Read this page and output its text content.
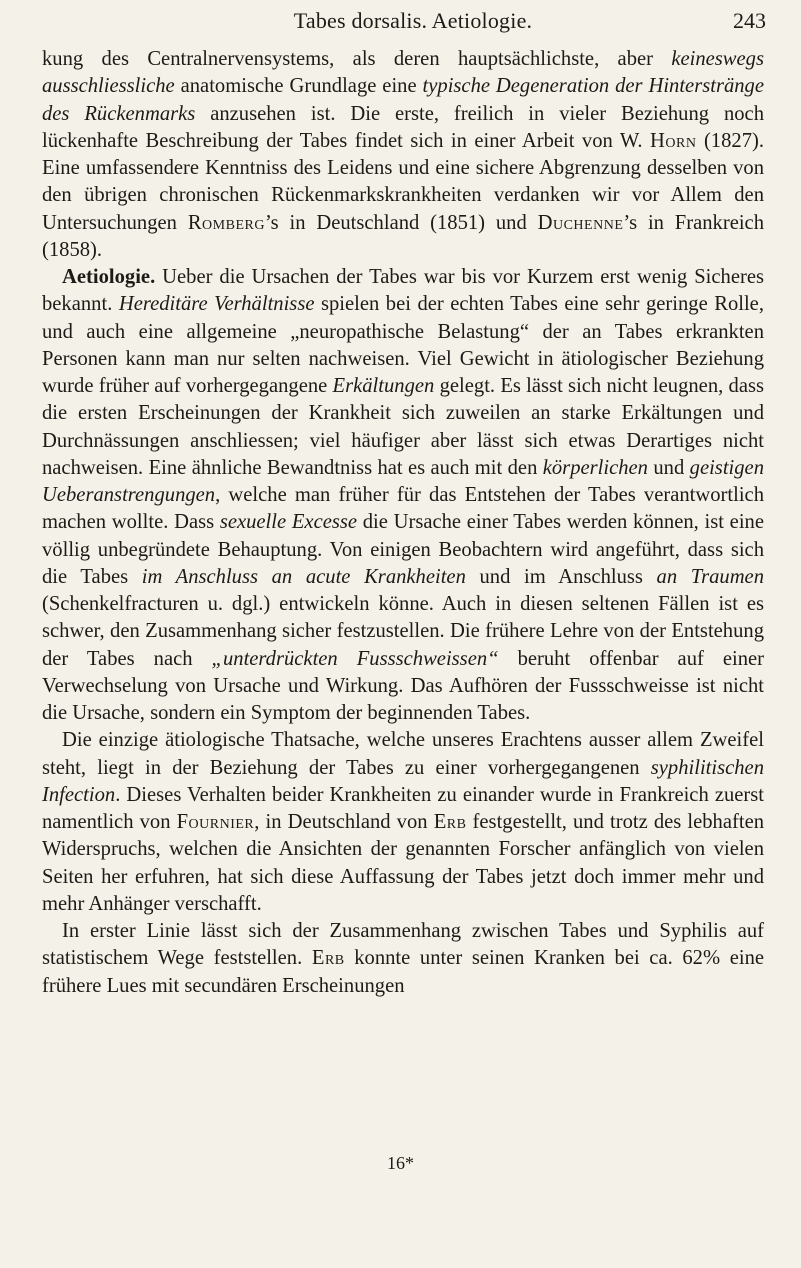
Tabes dorsalis. Aetiologie.	243

kung des Centralnervensystems, als deren hauptsächlichste, aber keineswegs ausschliessliche anatomische Grundlage eine typische Degeneration der Hinterstränge des Rückenmarks anzusehen ist. Die erste, freilich in vieler Beziehung noch lückenhafte Beschreibung der Tabes findet sich in einer Arbeit von W. Horn (1827). Eine umfassendere Kenntniss des Leidens und eine sichere Abgrenzung desselben von den übrigen chronischen Rückenmarkskrankheiten verdanken wir vor Allem den Untersuchungen Romberg’s in Deutschland (1851) und Duchenne’s in Frankreich (1858).

Aetiologie. Ueber die Ursachen der Tabes war bis vor Kurzem erst wenig Sicheres bekannt. Hereditäre Verhältnisse spielen bei der echten Tabes eine sehr geringe Rolle, und auch eine allgemeine „neuropathische Belastung“ der an Tabes erkrankten Personen kann man nur selten nachweisen. Viel Gewicht in ätiologischer Beziehung wurde früher auf vorhergegangene Erkältungen gelegt. Es lässt sich nicht leugnen, dass die ersten Erscheinungen der Krankheit sich zuweilen an starke Erkältungen und Durchnässungen anschliessen; viel häufiger aber lässt sich etwas Derartiges nicht nachweisen. Eine ähnliche Bewandtniss hat es auch mit den körperlichen und geistigen Ueberanstrengungen, welche man früher für das Entstehen der Tabes verantwortlich machen wollte. Dass sexuelle Excesse die Ursache einer Tabes werden können, ist eine völlig unbegründete Behauptung. Von einigen Beobachtern wird angeführt, dass sich die Tabes im Anschluss an acute Krankheiten und im Anschluss an Traumen (Schenkelfracturen u. dgl.) entwickeln könne. Auch in diesen seltenen Fällen ist es schwer, den Zusammenhang sicher festzustellen. Die frühere Lehre von der Entstehung der Tabes nach „unterdrückten Fussschweissen“ beruht offenbar auf einer Verwechselung von Ursache und Wirkung. Das Aufhören der Fussschweisse ist nicht die Ursache, sondern ein Symptom der beginnenden Tabes.

Die einzige ätiologische Thatsache, welche unseres Erachtens ausser allem Zweifel steht, liegt in der Beziehung der Tabes zu einer vorhergegangenen syphilitischen Infection. Dieses Verhalten beider Krankheiten zu einander wurde in Frankreich zuerst namentlich von Fournier, in Deutschland von Erb festgestellt, und trotz des lebhaften Widerspruchs, welchen die Ansichten der genannten Forscher anfänglich von vielen Seiten her erfuhren, hat sich diese Auffassung der Tabes jetzt doch immer mehr und mehr Anhänger verschafft.

In erster Linie lässt sich der Zusammenhang zwischen Tabes und Syphilis auf statistischem Wege feststellen. Erb konnte unter seinen Kranken bei ca. 62% eine frühere Lues mit secundären Erscheinungen

16*
